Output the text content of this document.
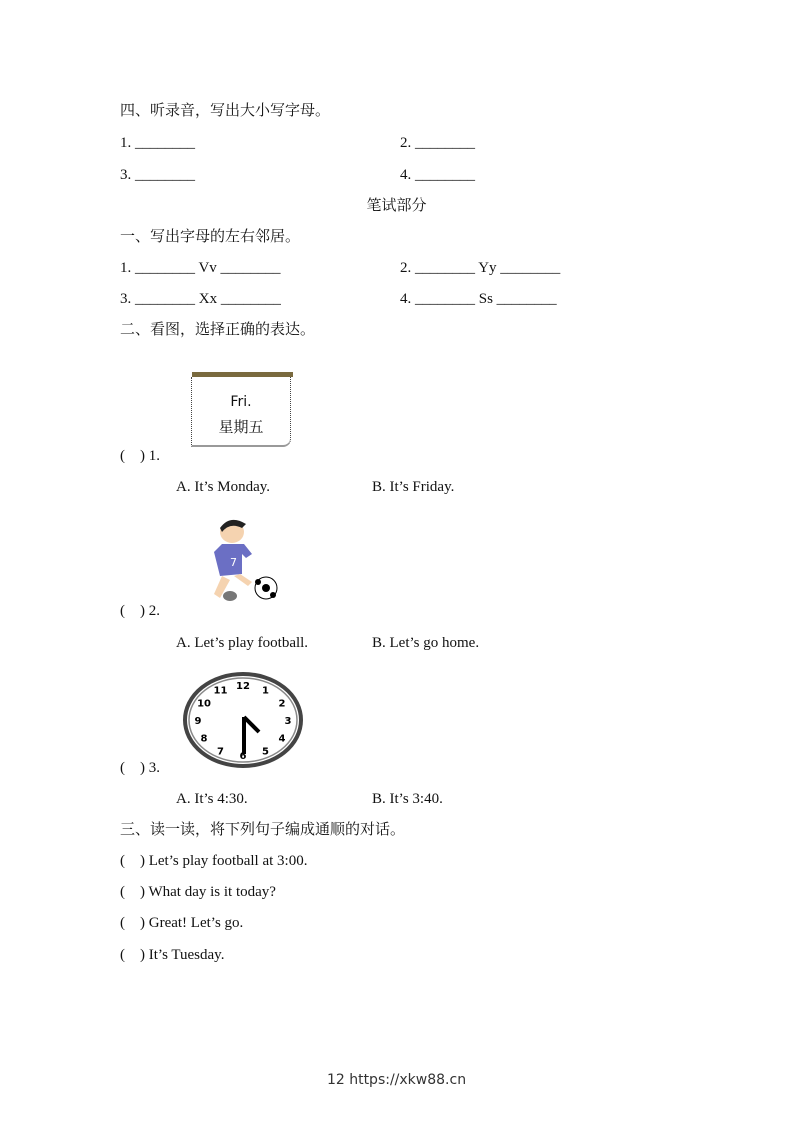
四、听录音，写出大小写字母。
1. ________	2. ________
3. ________	4. ________
笔试部分
一、写出字母的左右邻居。
1. ________ Vv ________	2. ________ Yy ________
3. ________ Xx ________	4. ________ Ss ________
二、看图，选择正确的表达。
Fri.
星期五
(    ) 1.
A. It’s Monday.	B. It’s Friday.
7
(    ) 2.
A. Let’s play football.	B. Let’s go home.
12 1
2
3
4
5
6
7
8
9
10
11
(    ) 3.
A. It’s 4:30.	B. It’s 3:40.
三、读一读，将下列句子编成通顺的对话。
(    ) Let’s play football at 3:00.
(    ) What day is it today?
(    ) Great! Let’s go.
(    ) It’s Tuesday.
12 https://xkw88.cn
